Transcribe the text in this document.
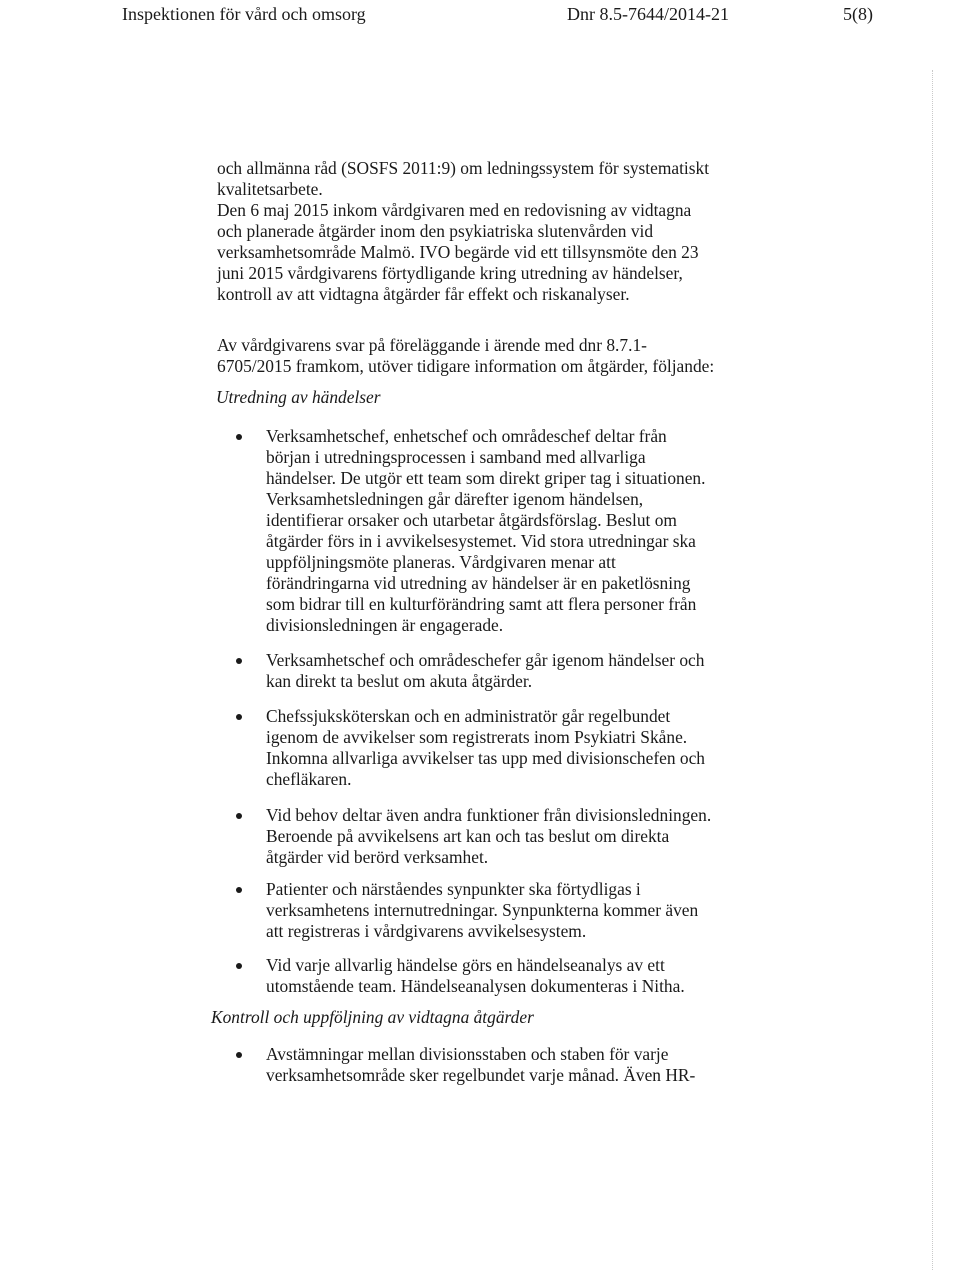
Inspektionen för vård och omsorg	Dnr 8.5-7644/2014-21	5(8)

och allmänna råd (SOSFS 2011:9) om ledningssystem för systematiskt

kvalitetsarbete.

Den 6 maj 2015 inkom vårdgivaren med en redovisning av vidtagna

och planerade åtgärder inom den psykiatriska slutenvården vid

verksamhetsområde Malmö. IVO begärde vid ett tillsynsmöte den 23

juni 2015 vårdgivarens förtydligande kring utredning av händelser,

kontroll av att vidtagna åtgärder får effekt och riskanalyser.

Av vårdgivarens svar på föreläggande i ärende med dnr 8.7.1-

6705/2015 framkom, utöver tidigare information om åtgärder, följande:

Utredning av händelser

Verksamhetschef, enhetschef och områdeschef deltar från

början i utredningsprocessen i samband med allvarliga

händelser. De utgör ett team som direkt griper tag i situationen.

Verksamhetsledningen går därefter igenom händelsen,

identifierar orsaker och utarbetar åtgärdsförslag. Beslut om

åtgärder förs in i avvikelsesystemet. Vid stora utredningar ska

uppföljningsmöte planeras. Vårdgivaren menar att

förändringarna vid utredning av händelser är en paketlösning

som bidrar till en kulturförändring samt att flera personer från

divisionsledningen är engagerade.

Verksamhetschef och områdeschefer går igenom händelser och

kan direkt ta beslut om akuta åtgärder.

Chefssjuksköterskan och en administratör går regelbundet

igenom de avvikelser som registrerats inom Psykiatri Skåne.

Inkomna allvarliga avvikelser tas upp med divisionschefen och

chefläkaren.

Vid behov deltar även andra funktioner från divisionsledningen.

Beroende på avvikelsens art kan och tas beslut om direkta

åtgärder vid berörd verksamhet.

Patienter och närståendes synpunkter ska förtydligas i

verksamhetens internutredningar. Synpunkterna kommer även

att registreras i vårdgivarens avvikelsesystem.

Vid varje allvarlig händelse görs en händelseanalys av ett

utomstående team. Händelseanalysen dokumenteras i Nitha.

Kontroll och uppföljning av vidtagna åtgärder

Avstämningar mellan divisionsstaben och staben för varje

verksamhetsområde sker regelbundet varje månad. Även HR-
